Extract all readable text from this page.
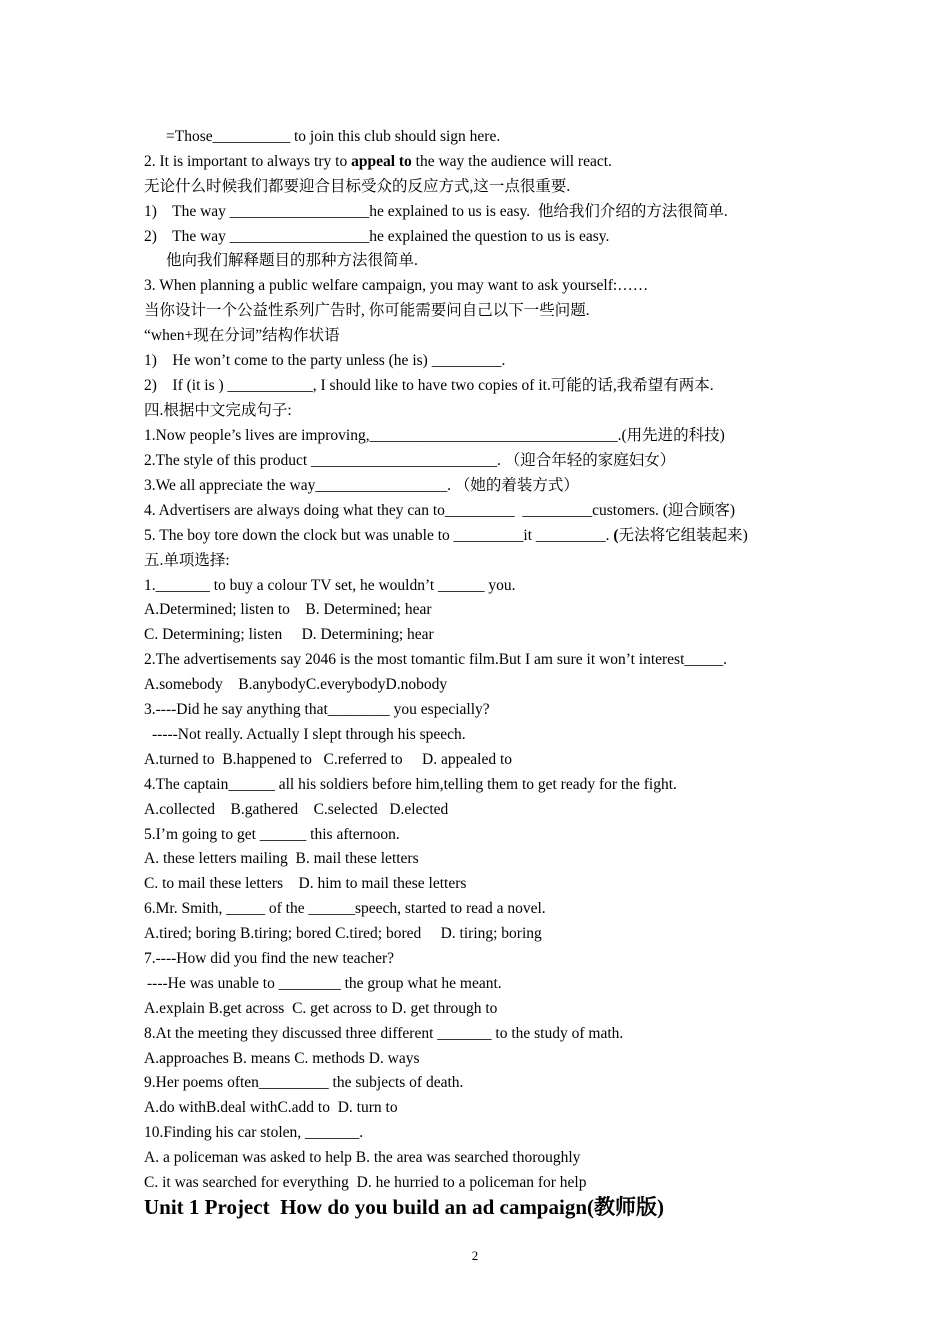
=Those__________ to join this club should sign here.
2. It is important to always try to appeal to the way the audience will react.
无论什么时候我们都要迎合目标受众的反应方式,这一点很重要.
1)    The way __________________he explained to us is easy.  他给我们介绍的方法很简单.
2)    The way __________________he explained the question to us is easy.
他向我们解释题目的那种方法很简单.
3. When planning a public welfare campaign, you may want to ask yourself:……
当你设计一个公益性系列广告时, 你可能需要问自己以下一些问题.
“when+现在分词”结构作状语
1)    He won’t come to the party unless (he is) _________.
2)    If (it is ) ___________, I should like to have two copies of it.可能的话,我希望有两本.
四.根据中文完成句子:
1.Now people’s lives are improving,________________________________.(用先进的科技)
2.The style of this product ________________________. （迎合年轻的家庭妇女）
3.We all appreciate the way_________________. （她的着装方式）
4. Advertisers are always doing what they can to_________  _________customers. (迎合顾客)
5. The boy tore down the clock but was unable to _________it _________. (无法将它组装起来)
五.单项选择:
1._______ to buy a colour TV set, he wouldn’t ______ you.
A.Determined; listen to    B. Determined; hear
C. Determining; listen     D. Determining; hear
2.The advertisements say 2046 is the most tomantic film.But I am sure it won’t interest_____.
A.somebody    B.anybodyC.everybodyD.nobody
3.----Did he say anything that________ you especially?
-----Not really. Actually I slept through his speech.
A.turned to  B.happened to   C.referred to     D. appealed to
4.The captain______ all his soldiers before him,telling them to get ready for the fight.
A.collected    B.gathered    C.selected   D.elected
5.I’m going to get ______ this afternoon.
A. these letters mailing  B. mail these letters
C. to mail these letters    D. him to mail these letters
6.Mr. Smith, _____ of the ______speech, started to read a novel.
A.tired; boring B.tiring; bored C.tired; bored     D. tiring; boring
7.----How did you find the new teacher?
----He was unable to ________ the group what he meant.
A.explain B.get across  C. get across to D. get through to
8.At the meeting they discussed three different _______ to the study of math.
A.approaches B. means C. methods D. ways
9.Her poems often_________ the subjects of death.
A.do withB.deal withC.add to  D. turn to
10.Finding his car stolen, _______.
A. a policeman was asked to help B. the area was searched thoroughly
C. it was searched for everything  D. he hurried to a policeman for help
Unit 1 Project  How do you build an ad campaign(教师版)
2
